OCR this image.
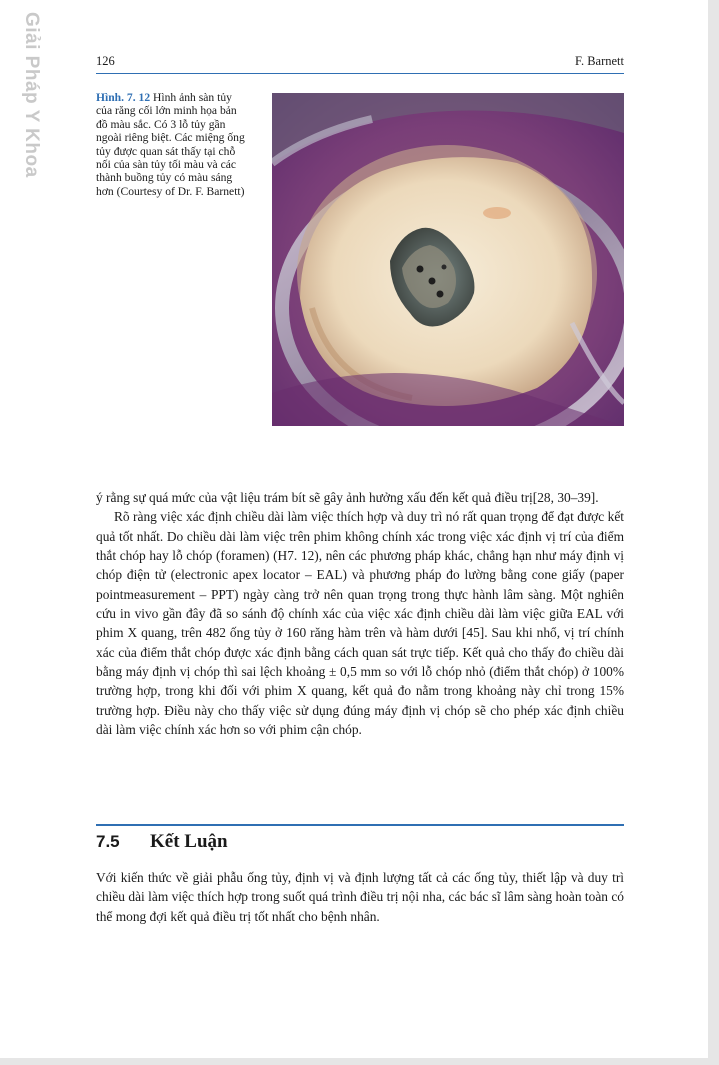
Giải Pháp Y Khoa	126	F. Barnett
Hình. 7. 12 Hình ảnh sàn tủy của răng cối lớn minh họa bản đồ màu sắc. Có 3 lỗ tủy gần ngoài riêng biệt. Các miệng ống tủy được quan sát thấy tại chỗ nối của sàn tủy tối màu và các thành buồng tủy có màu sáng hơn (Courtesy of Dr. F. Barnett)

ý rằng sự quá mức của vật liệu trám bít sẽ gây ảnh hưởng xấu đến kết quả điều trị[28, 30–39].

Rõ ràng việc xác định chiều dài làm việc thích hợp và duy trì nó rất quan trọng để đạt được kết quả tốt nhất. Do chiều dài làm việc trên phim không chính xác trong việc xác định vị trí của điểm thắt chóp hay lỗ chóp (foramen) (H7. 12), nên các phương pháp khác, chẳng hạn như máy định vị chóp điện tử (electronic apex locator – EAL) và phương pháp đo lường bằng cone giấy (paper pointmeasurement – PPT) ngày càng trở nên quan trọng trong thực hành lâm sàng. Một nghiên cứu in vivo gần đây đã so sánh độ chính xác của việc xác định chiều dài làm việc giữa EAL với phim X quang, trên 482 ống tủy ở 160 răng hàm trên và hàm dưới [45]. Sau khi nhổ, vị trí chính xác của điểm thắt chóp được xác định bằng cách quan sát trực tiếp. Kết quả cho thấy đo chiều dài bằng máy định vị chóp thì sai lệch khoảng ± 0,5 mm so với lỗ chóp nhỏ (điểm thắt chóp) ở 100% trường hợp, trong khi đối với phim X quang, kết quả đo nằm trong khoảng này chỉ trong 15% trường hợp. Điều này cho thấy việc sử dụng đúng máy định vị chóp sẽ cho phép xác định chiều dài làm việc chính xác hơn so với phim cận chóp.

7.5 Kết Luận

Với kiến thức về giải phẫu ống tủy, định vị và định lượng tất cả các ống tủy, thiết lập và duy trì chiều dài làm việc thích hợp trong suốt quá trình điều trị nội nha, các bác sĩ lâm sàng hoàn toàn có thể mong đợi kết quả điều trị tốt nhất cho bệnh nhân.
